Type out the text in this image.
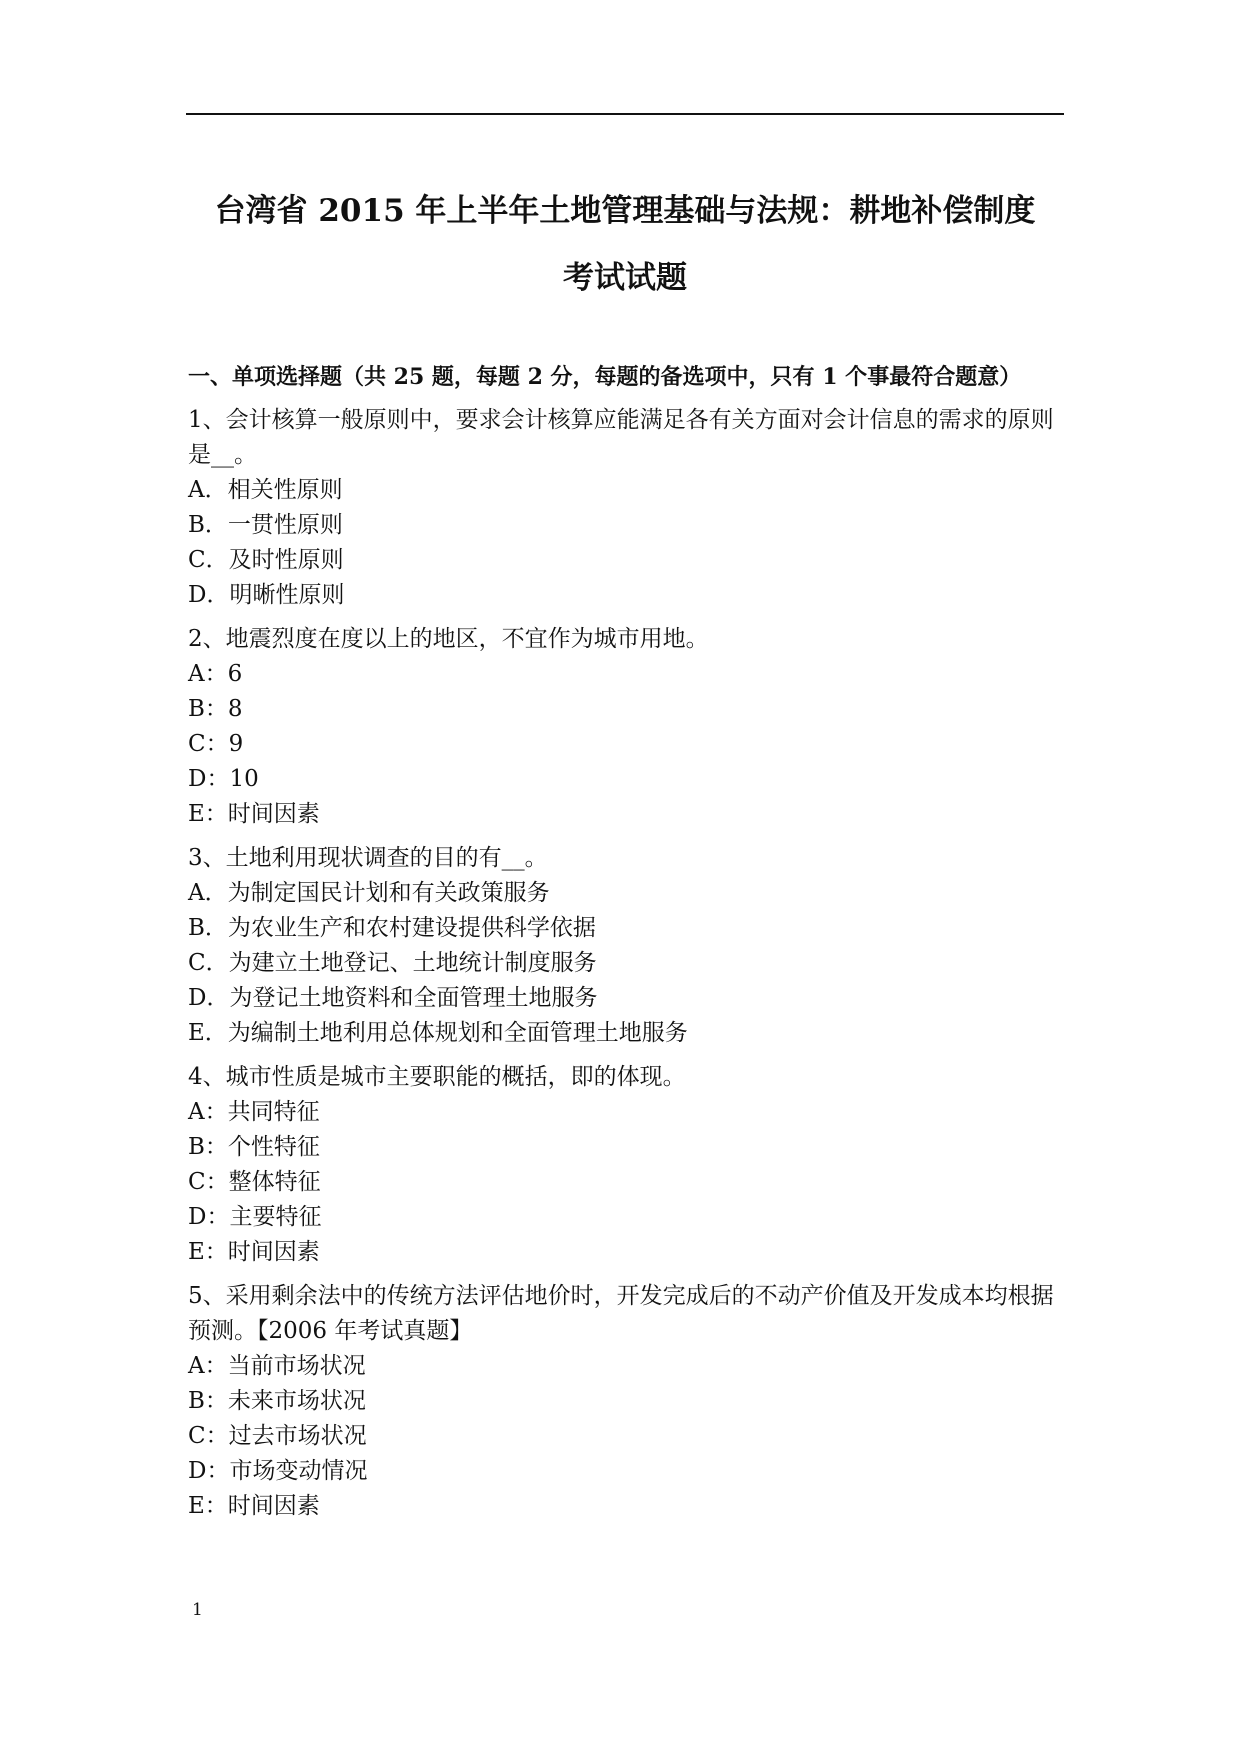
台湾省 2015 年上半年土地管理基础与法规：耕地补偿制度
考试试题

一、单项选择题（共 25 题，每题 2 分，每题的备选项中，只有 1 个事最符合题意）

1、会计核算一般原则中，要求会计核算应能满足各有关方面对会计信息的需求的原则是__。

A．相关性原则

B．一贯性原则

C．及时性原则

D．明晰性原则

2、地震烈度在度以上的地区，不宜作为城市用地。

A：6

B：8

C：9

D：10

E：时间因素

3、土地利用现状调查的目的有__。

A．为制定国民计划和有关政策服务

B．为农业生产和农村建设提供科学依据

C．为建立土地登记、土地统计制度服务

D．为登记土地资料和全面管理土地服务

E．为编制土地利用总体规划和全面管理土地服务

4、城市性质是城市主要职能的概括，即的体现。

A：共同特征

B：个性特征

C：整体特征

D：主要特征

E：时间因素

5、采用剩余法中的传统方法评估地价时，开发完成后的不动产价值及开发成本均根据预测。【2006 年考试真题】

A：当前市场状况

B：未来市场状况

C：过去市场状况

D：市场变动情况

E：时间因素

1
